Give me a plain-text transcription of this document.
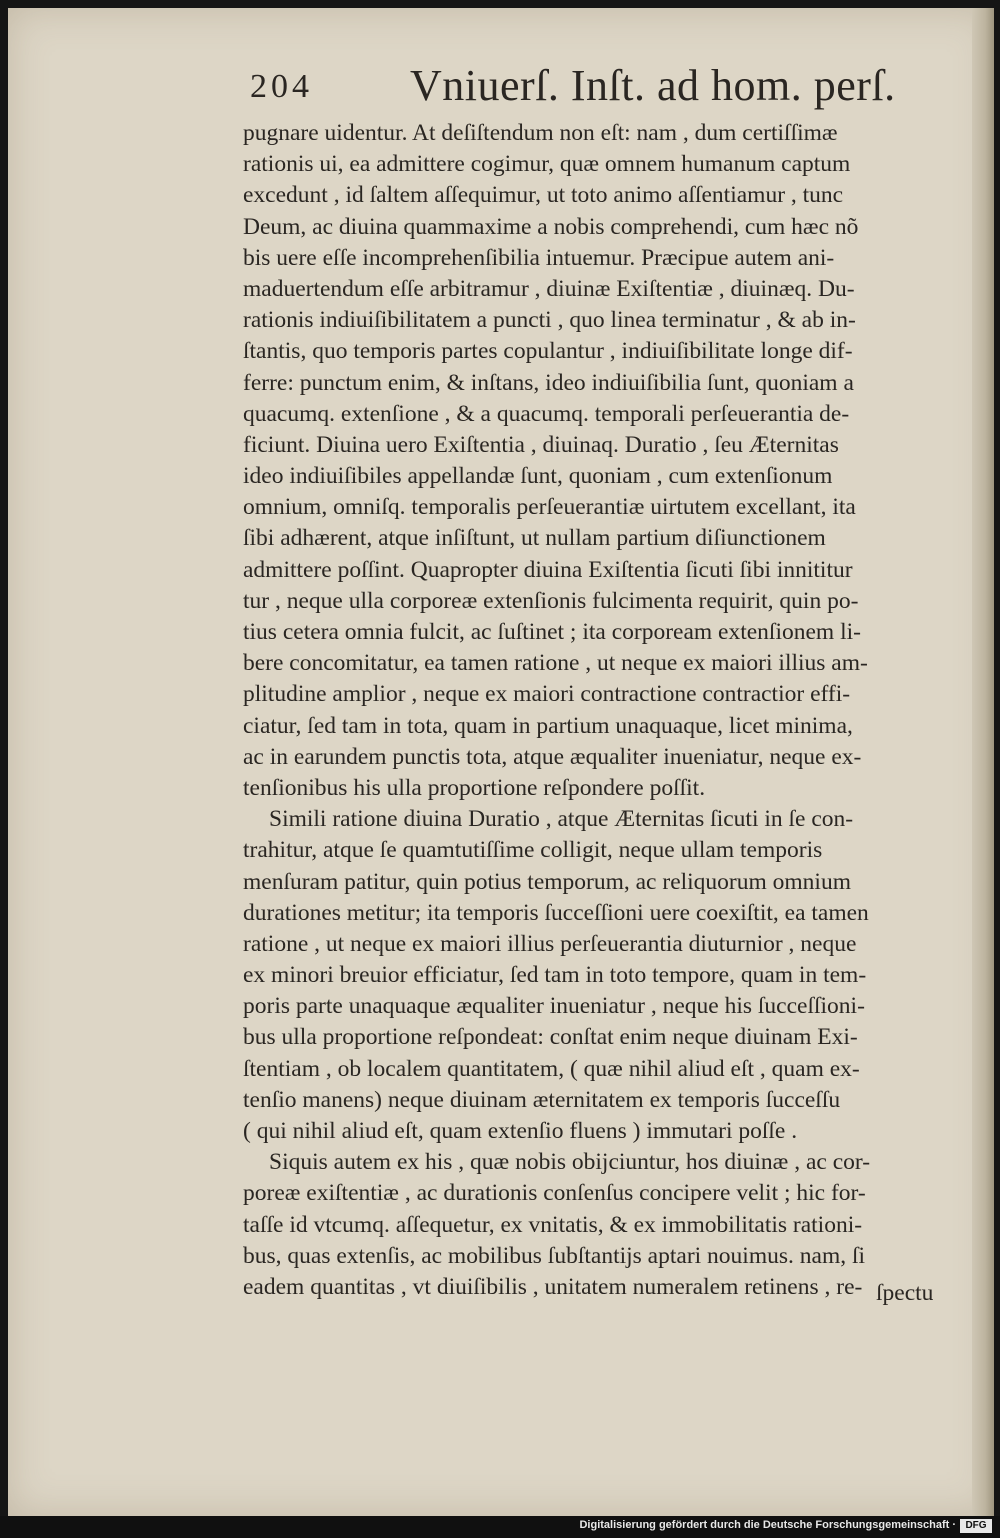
204 Vniuerſ. Inſt. ad hom. perſ.
pugnare uidentur. At deſiſtendum non eſt: nam , dum certiſſimæ
rationis ui, ea admittere cogimur, quæ omnem humanum captum
excedunt , id ſaltem aſſequimur, ut toto animo aſſentiamur , tunc
Deum, ac diuina quammaxime a nobis comprehendi, cum hæc nõ
bis uere eſſe incomprehenſibilia intuemur. Præcipue autem ani-
maduertendum eſſe arbitramur , diuinæ Exiſtentiæ , diuinæq. Du-
rationis indiuiſibilitatem a puncti , quo linea terminatur , & ab in-
ſtantis, quo temporis partes copulantur , indiuiſibilitate longe dif-
ferre: punctum enim, & inſtans, ideo indiuiſibilia ſunt, quoniam a
quacumq. extenſione , & a quacumq. temporali perſeuerantia de-
ficiunt. Diuina uero Exiſtentia , diuinaq. Duratio , ſeu Æternitas
ideo indiuiſibiles appellandæ ſunt, quoniam , cum extenſionum
omnium, omniſq. temporalis perſeuerantiæ uirtutem excellant, ita
ſibi adhærent, atque inſiſtunt, ut nullam partium diſiunctionem
admittere poſſint. Quapropter diuina Exiſtentia ſicuti ſibi innititur
tur , neque ulla corporeæ extenſionis fulcimenta requirit, quin po-
tius cetera omnia fulcit, ac ſuſtinet ; ita corpoream extenſionem li-
bere concomitatur, ea tamen ratione , ut neque ex maiori illius am-
plitudine amplior , neque ex maiori contractione contractior effi-
ciatur, ſed tam in tota, quam in partium unaquaque, licet minima,
ac in earundem punctis tota, atque æqualiter inueniatur, neque ex-
tenſionibus his ulla proportione reſpondere poſſit.
Simili ratione diuina Duratio , atque Æternitas ſicuti in ſe con-
trahitur, atque ſe quamtutiſſime colligit, neque ullam temporis
menſuram patitur, quin potius temporum, ac reliquorum omnium
durationes metitur; ita temporis ſucceſſioni uere coexiſtit, ea tamen
ratione , ut neque ex maiori illius perſeuerantia diuturnior , neque
ex minori breuior efficiatur, ſed tam in toto tempore, quam in tem-
poris parte unaquaque æqualiter inueniatur , neque his ſucceſſioni-
bus ulla proportione reſpondeat: conſtat enim neque diuinam Exi-
ſtentiam , ob localem quantitatem, ( quæ nihil aliud eſt , quam ex-
tenſio manens) neque diuinam æternitatem ex temporis ſucceſſu
( qui nihil aliud eſt, quam extenſio fluens ) immutari poſſe .
Siquis autem ex his , quæ nobis obijciuntur, hos diuinæ , ac cor-
poreæ exiſtentiæ , ac durationis conſenſus concipere velit ; hic for-
taſſe id vtcumq. aſſequetur, ex vnitatis, & ex immobilitatis rationi-
bus, quas extenſis, ac mobilibus ſubſtantijs aptari nouimus. nam, ſi
eadem quantitas , vt diuiſibilis , unitatem numeralem retinens , re- ſpectu
Digitalisierung gefördert durch die Deutsche Forschungsgemeinschaft · DFG
